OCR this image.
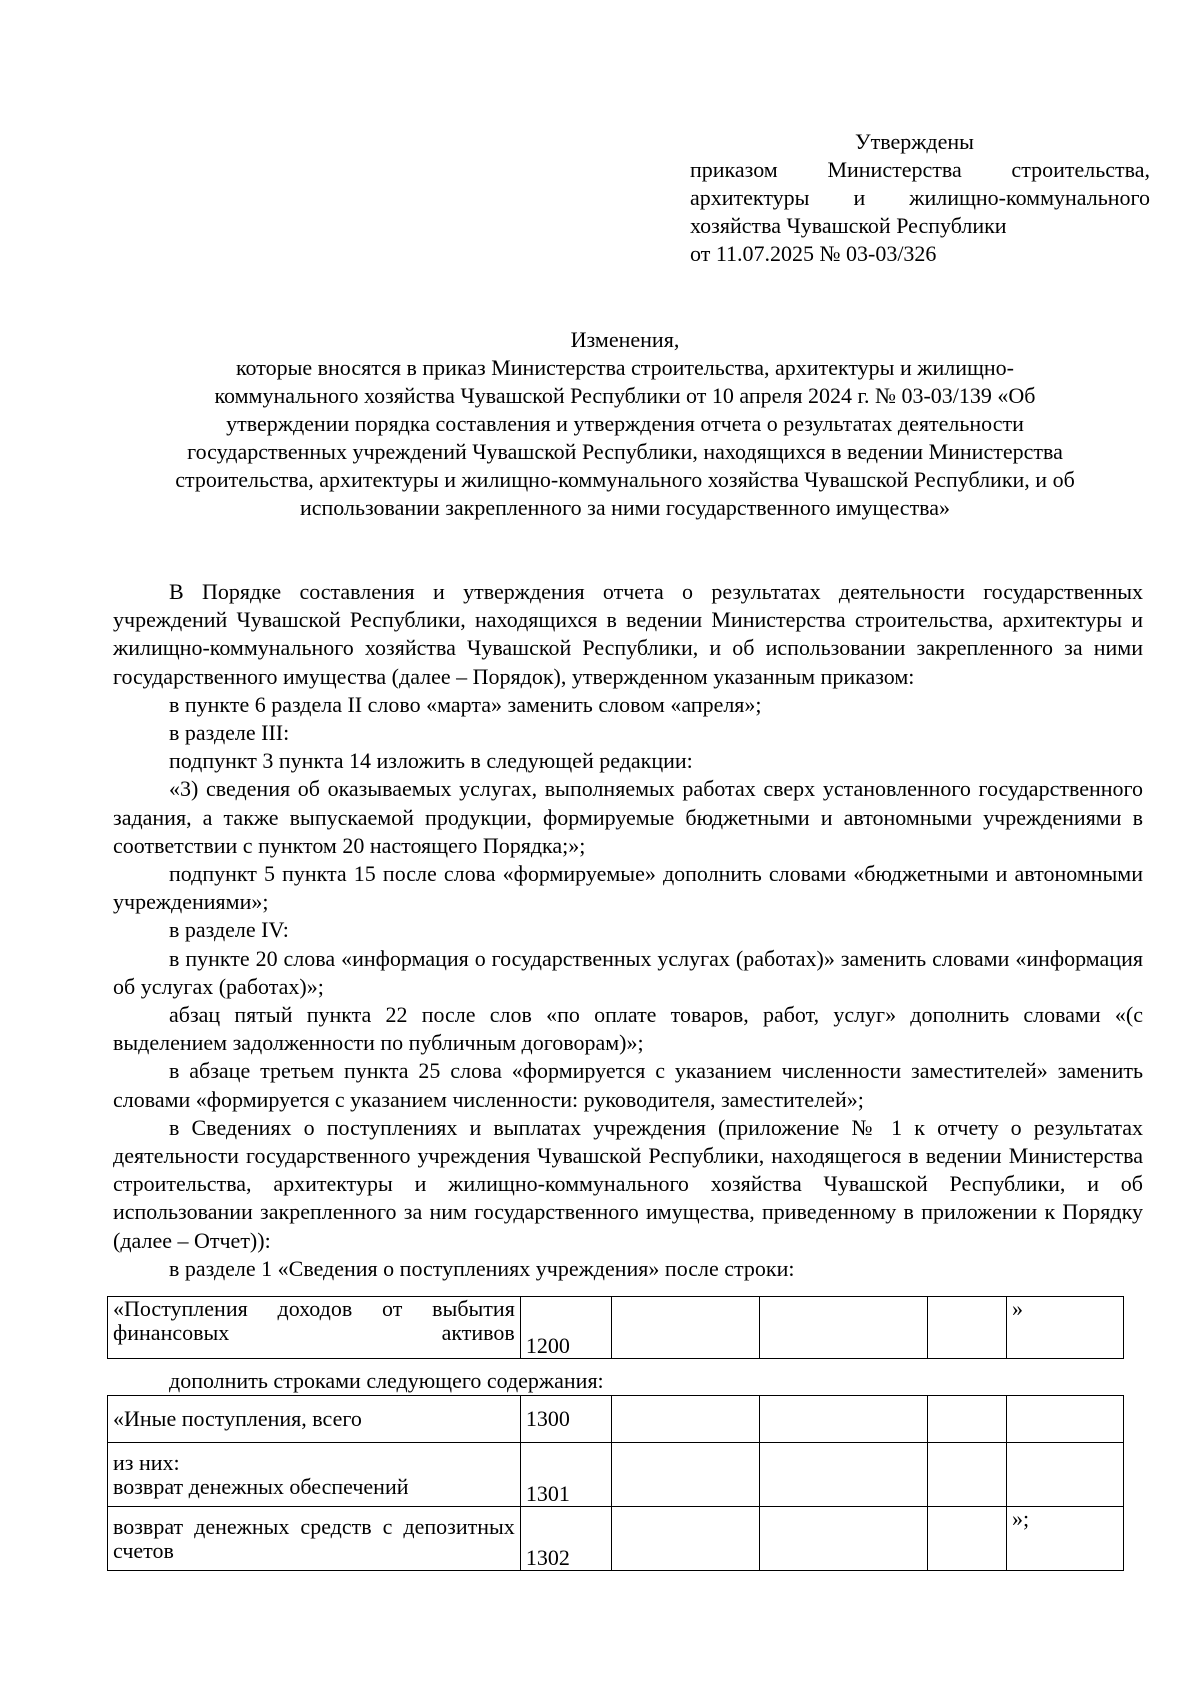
Утверждены
приказом Министерства строительства,
архитектуры и жилищно-коммунального
хозяйства Чувашской Республики
от 11.07.2025 № 03-03/326
Изменения,
которые вносятся в приказ Министерства строительства, архитектуры и жилищно-
коммунального хозяйства Чувашской Республики от 10 апреля 2024 г. № 03-03/139 «Об
утверждении порядка составления и утверждения отчета о результатах деятельности
государственных учреждений Чувашской Республики, находящихся в ведении Министерства
строительства, архитектуры и жилищно-коммунального хозяйства Чувашской Республики, и об
использовании закрепленного за ними государственного имущества»

В Порядке составления и утверждения отчета о результатах деятельности государственных учреждений Чувашской Республики, находящихся в ведении Министерства строительства, архитектуры и жилищно-коммунального хозяйства Чувашской Республики, и об использовании закрепленного за ними государственного имущества (далее – Порядок), утвержденном указанным приказом:

в пункте 6 раздела II слово «марта» заменить словом «апреля»;

в разделе III:

подпункт 3 пункта 14 изложить в следующей редакции:

«3) сведения об оказываемых услугах, выполняемых работах сверх установленного государственного задания, а также выпускаемой продукции, формируемые бюджетными и автономными учреждениями в соответствии с пунктом 20 настоящего Порядка;»;

подпункт 5 пункта 15 после слова «формируемые» дополнить словами «бюджетными и автономными учреждениями»;

в разделе IV:

в пункте 20 слова «информация о государственных услугах (работах)» заменить словами «информация об услугах (работах)»;

абзац пятый пункта 22 после слов «по оплате товаров, работ, услуг» дополнить словами «(с выделением задолженности по публичным договорам)»;

в абзаце третьем пункта 25 слова «формируется с указанием численности заместителей» заменить словами «формируется с указанием численности: руководителя, заместителей»;

в Сведениях о поступлениях и выплатах учреждения (приложение № 1 к отчету о результатах деятельности государственного учреждения Чувашской Республики, находящегося в ведении Министерства строительства, архитектуры и жилищно-коммунального хозяйства Чувашской Республики, и об использовании закрепленного за ним государственного имущества, приведенному в приложении к Порядку (далее – Отчет)):

в разделе 1 «Сведения о поступлениях учреждения» после строки:

«Поступления доходов от выбытия финансовых активов	1200				»
дополнить строками следующего содержания:
«Иные поступления, всего	1300				

из них:
возврат денежных обеспечений	1301				
возврат денежных средств с депозитных счетов	1302				»;
